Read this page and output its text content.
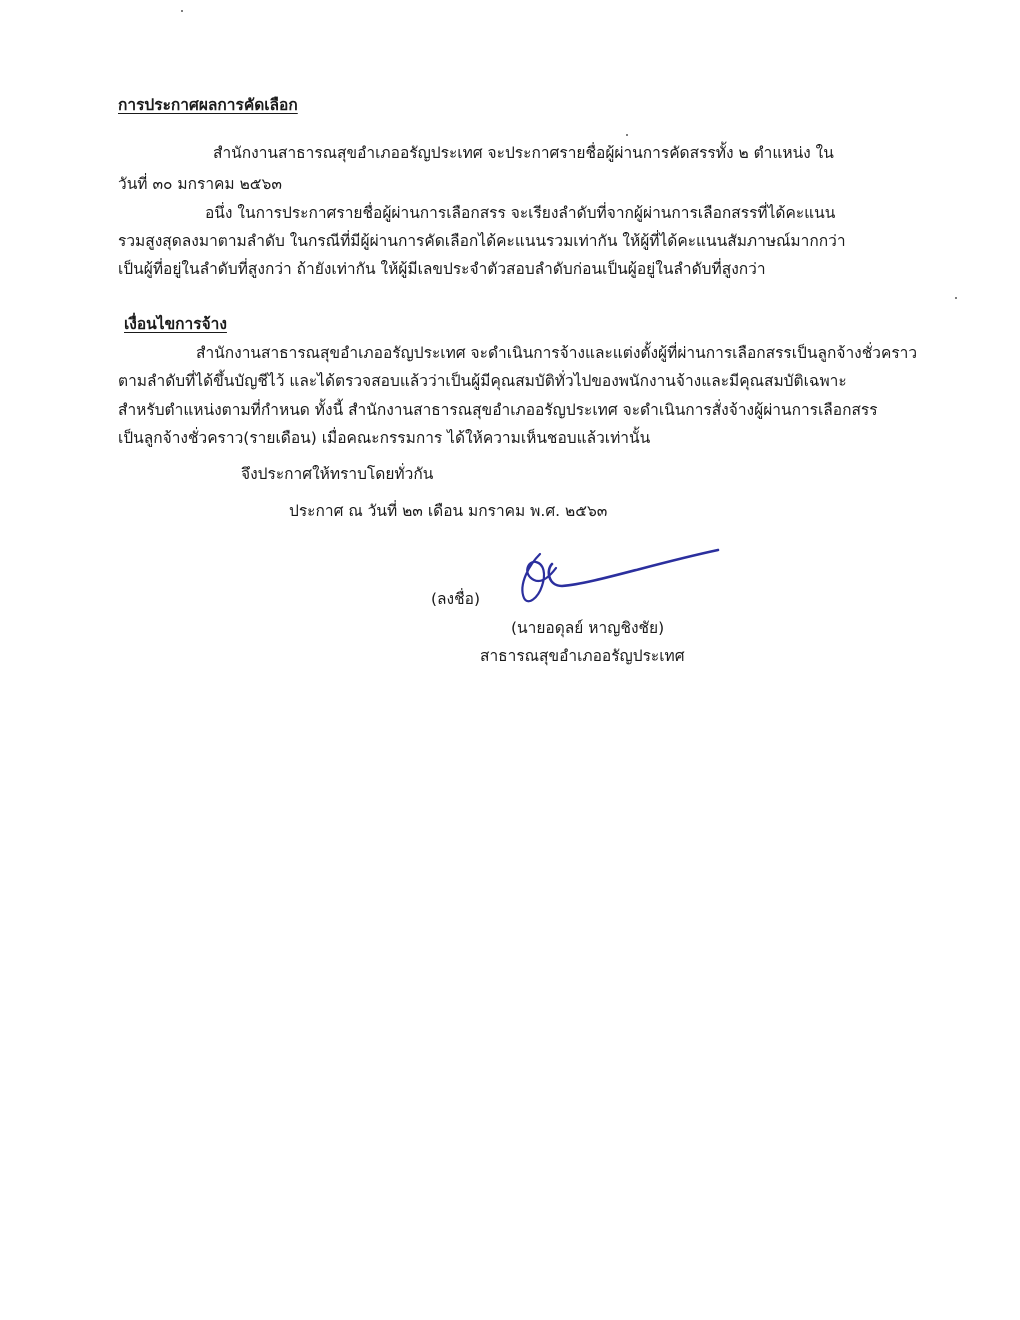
การประกาศผลการคัดเลือก
สำนักงานสาธารณสุขอำเภออรัญประเทศ จะประกาศรายชื่อผู้ผ่านการคัดสรรทั้ง ๒ ตำแหน่ง ใน
วันที่ ๓๐ มกราคม ๒๕๖๓
อนึ่ง ในการประกาศรายชื่อผู้ผ่านการเลือกสรร จะเรียงลำดับที่จากผู้ผ่านการเลือกสรรที่ได้คะแนน
รวมสูงสุดลงมาตามลำดับ ในกรณีที่มีผู้ผ่านการคัดเลือกได้คะแนนรวมเท่ากัน ให้ผู้ที่ได้คะแนนสัมภาษณ์มากกว่า
เป็นผู้ที่อยู่ในลำดับที่สูงกว่า ถ้ายังเท่ากัน ให้ผู้มีเลขประจำตัวสอบลำดับก่อนเป็นผู้อยู่ในลำดับที่สูงกว่า
เงื่อนไขการจ้าง
สำนักงานสาธารณสุขอำเภออรัญประเทศ จะดำเนินการจ้างและแต่งตั้งผู้ที่ผ่านการเลือกสรรเป็นลูกจ้างชั่วคราว
ตามลำดับที่ได้ขึ้นบัญชีไว้ และได้ตรวจสอบแล้วว่าเป็นผู้มีคุณสมบัติทั่วไปของพนักงานจ้างและมีคุณสมบัติเฉพาะ
สำหรับตำแหน่งตามที่กำหนด ทั้งนี้ สำนักงานสาธารณสุขอำเภออรัญประเทศ จะดำเนินการสั่งจ้างผู้ผ่านการเลือกสรร
เป็นลูกจ้างชั่วคราว(รายเดือน) เมื่อคณะกรรมการ ได้ให้ความเห็นชอบแล้วเท่านั้น
จึงประกาศให้ทราบโดยทั่วกัน
ประกาศ ณ วันที่ ๒๓ เดือน มกราคม พ.ศ. ๒๕๖๓
(ลงชื่อ)
(นายอดุลย์ หาญชิงชัย)
สาธารณสุขอำเภออรัญประเทศ
